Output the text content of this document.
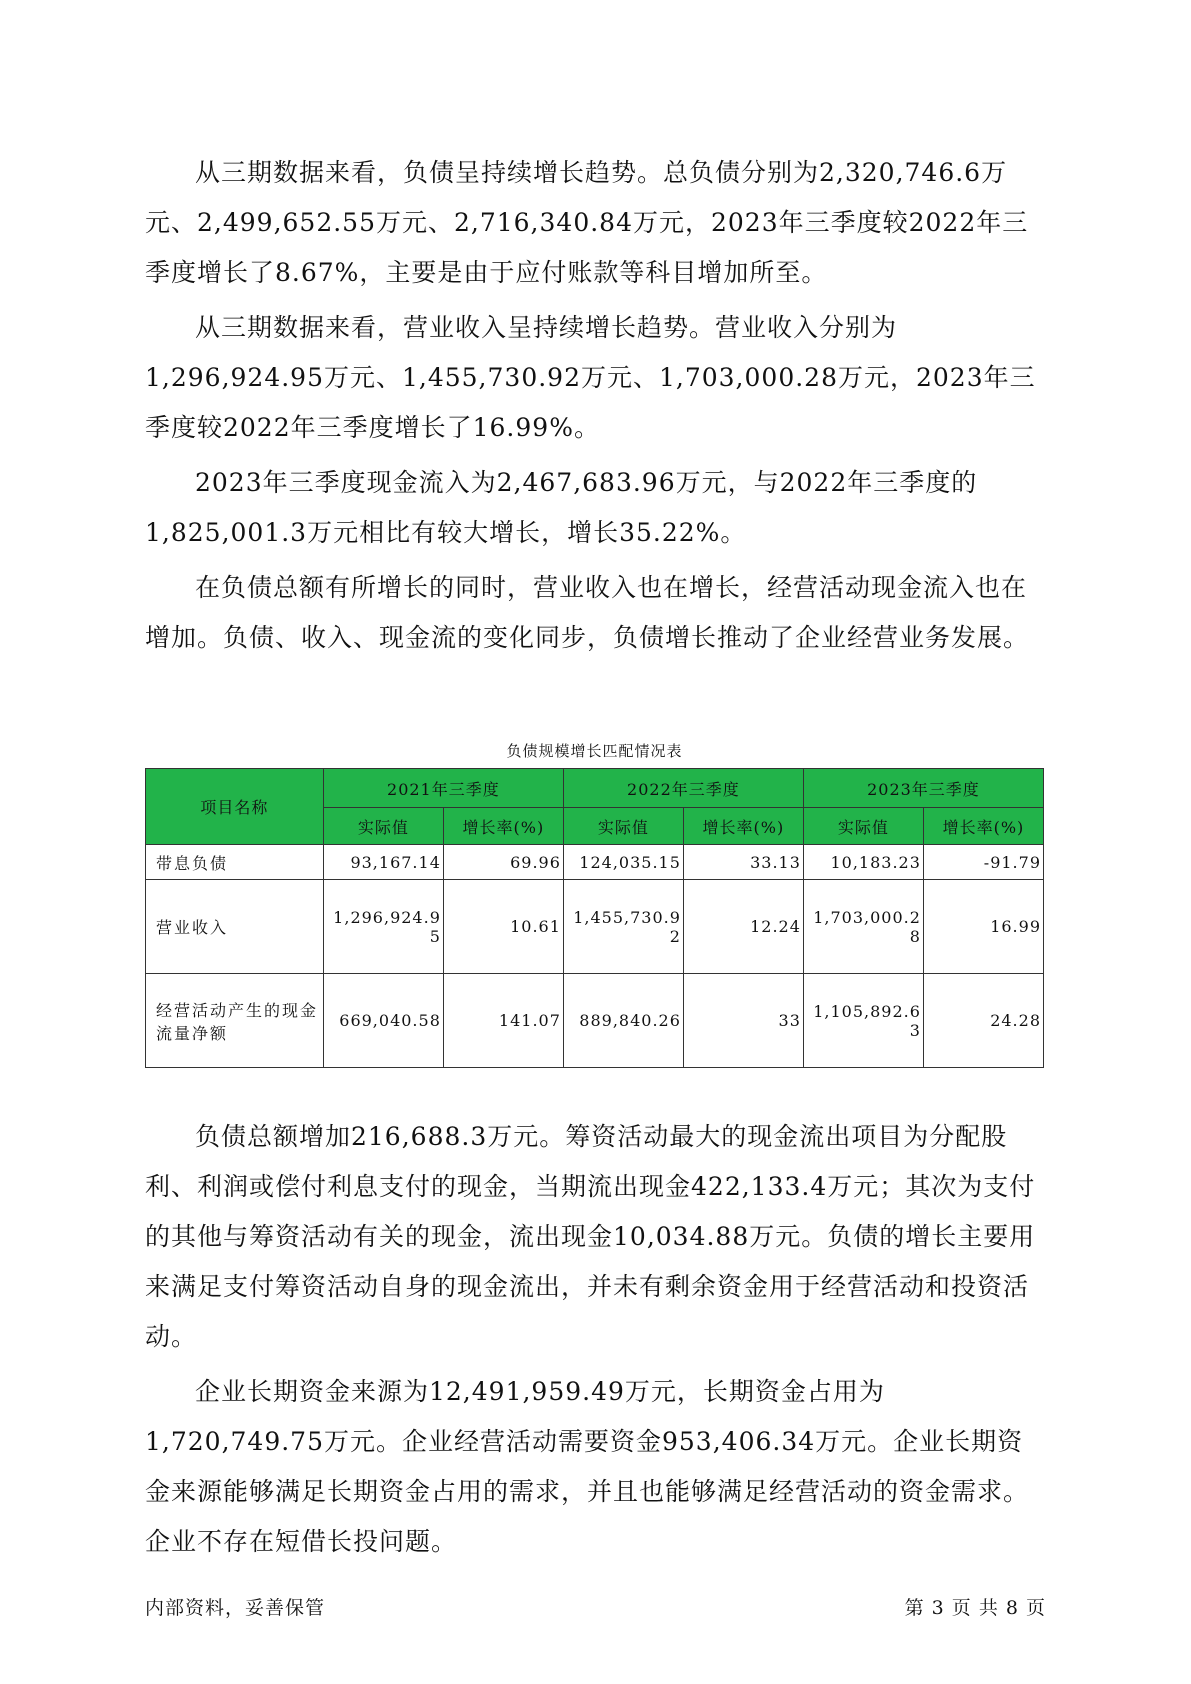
从三期数据来看，负债呈持续增长趋势。总负债分别为2,320,746.6万元、2,499,652.55万元、2,716,340.84万元，2023年三季度较2022年三季度增长了8.67%，主要是由于应付账款等科目增加所至。

从三期数据来看，营业收入呈持续增长趋势。营业收入分别为1,296,924.95万元、1,455,730.92万元、1,703,000.28万元，2023年三季度较2022年三季度增长了16.99%。

2023年三季度现金流入为2,467,683.96万元，与2022年三季度的1,825,001.3万元相比有较大增长，增长35.22%。

在负债总额有所增长的同时，营业收入也在增长，经营活动现金流入也在增加。负债、收入、现金流的变化同步，负债增长推动了企业经营业务发展。

负债规模增长匹配情况表
项目名称	2021年三季度		2022年三季度		2023年三季度	
	实际值	增长率(%)	实际值	增长率(%)	实际值	增长率(%)
带息负债	93,167.14	69.96	124,035.15	33.13	10,183.23	-91.79
营业收入	1,296,924.95	10.61	1,455,730.92	12.24	1,703,000.28	16.99
经营活动产生的现金流量净额	669,040.58	141.07	889,840.26	33	1,105,892.63	24.28

负债总额增加216,688.3万元。筹资活动最大的现金流出项目为分配股利、利润或偿付利息支付的现金，当期流出现金422,133.4万元；其次为支付的其他与筹资活动有关的现金，流出现金10,034.88万元。负债的增长主要用来满足支付筹资活动自身的现金流出，并未有剩余资金用于经营活动和投资活动。

企业长期资金来源为12,491,959.49万元，长期资金占用为1,720,749.75万元。企业经营活动需要资金953,406.34万元。企业长期资金来源能够满足长期资金占用的需求，并且也能够满足经营活动的资金需求。企业不存在短借长投问题。

内部资料，妥善保管	第 3 页 共 8 页
